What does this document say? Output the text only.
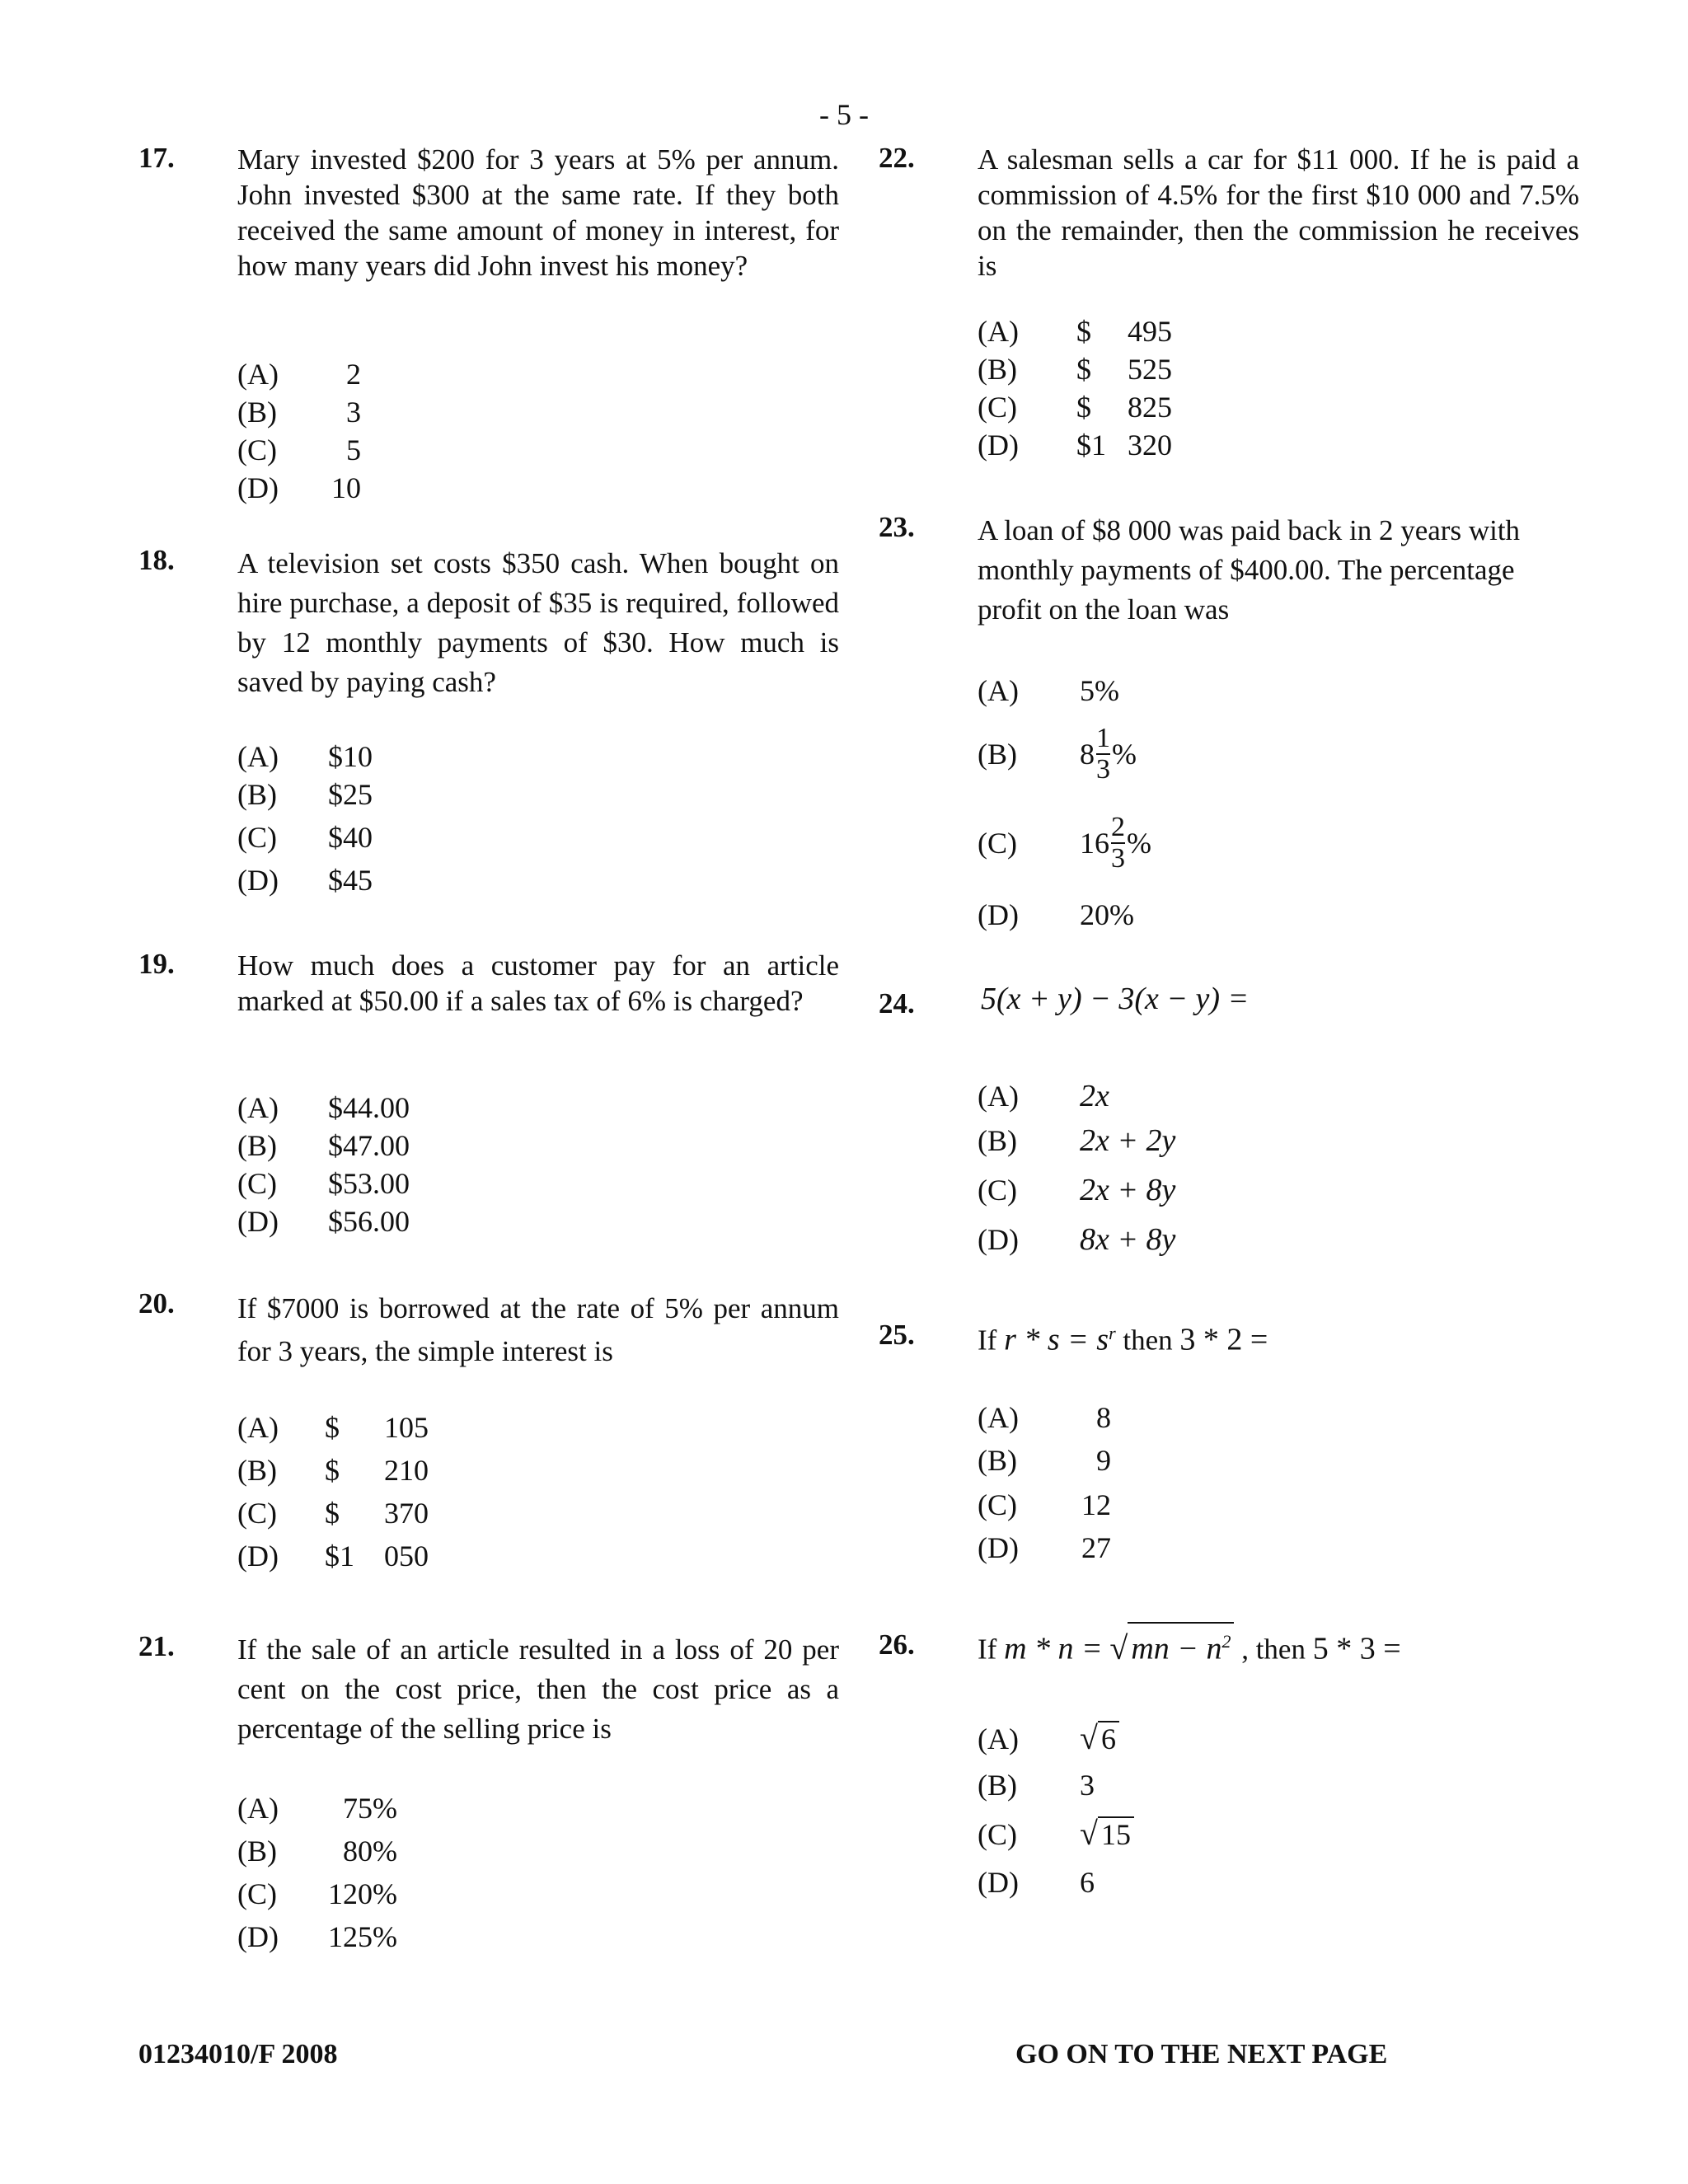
- 5 -
17. Mary invested $200 for 3 years at 5% per annum. John invested $300 at the same rate. If they both received the same amount of money in interest, for how many years did John invest his money?
(A) 2
(B) 3
(C) 5
(D) 10
18. A television set costs $350 cash. When bought on hire purchase, a deposit of $35 is required, followed by 12 monthly payments of $30. How much is saved by paying cash?
(A) $10
(B) $25
(C) $40
(D) $45
19. How much does a customer pay for an article marked at $50.00 if a sales tax of 6% is charged?
(A) $44.00
(B) $47.00
(C) $53.00
(D) $56.00
20. If $7000 is borrowed at the rate of 5% per annum for 3 years, the simple interest is
(A) $ 105
(B) $ 210
(C) $ 370
(D) $1 050
21. If the sale of an article resulted in a loss of 20 per cent on the cost price, then the cost price as a percentage of the selling price is
(A) 75%
(B) 80%
(C) 120%
(D) 125%
22. A salesman sells a car for $11 000. If he is paid a commission of 4.5% for the first $10 000 and 7.5% on the remainder, then the commission he receives is
(A) $ 495
(B) $ 525
(C) $ 825
(D) $1 320
23. A loan of $8 000 was paid back in 2 years with monthly payments of $400.00. The percentage profit on the loan was
(A) 5%
(B) $8 \frac{1}{3}$ %
(C) $16 \frac{2}{3}$ %
(D) 20%
24. 5(x + y) − 3(x − y) =
(A) 2x
(B) 2x + 2y
(C) 2x + 8y
(D) 8x + 8y
25. If $r * s = s^r$ then 3 * 2 =
(A)	8
(B)	9
(C) 12
(D) 27
26. If m * n = √ mn − $n^2$ , then 5 * 3 =
(A) √ 6
(B) 3
(C) √ 15
(D) 6
01234010/F 2008	GO ON TO THE NEXT PAGE
